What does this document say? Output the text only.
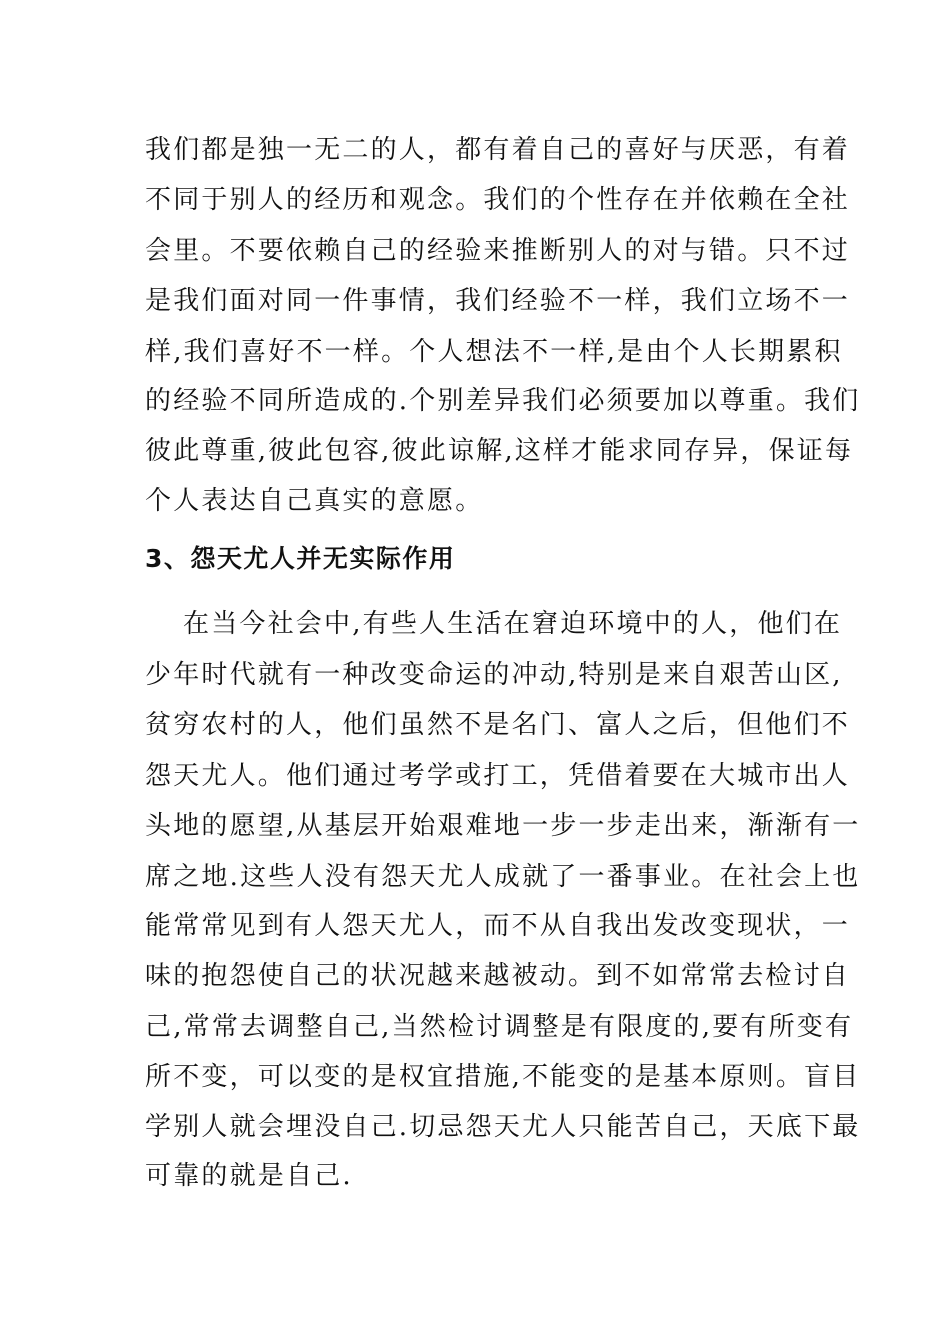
我们都是独一无二的人，都有着自己的喜好与厌恶，有着
不同于别人的经历和观念。我们的个性存在并依赖在全社
会里。不要依赖自己的经验来推断别人的对与错。只不过
是我们面对同一件事情，我们经验不一样，我们立场不一
样,我们喜好不一样。个人想法不一样,是由个人长期累积
的经验不同所造成的.个别差异我们必须要加以尊重。我们
彼此尊重,彼此包容,彼此谅解,这样才能求同存异，保证每
个人表达自己真实的意愿。
3、怨天尤人并无实际作用
在当今社会中,有些人生活在窘迫环境中的人，他们在
少年时代就有一种改变命运的冲动,特别是来自艰苦山区,
贫穷农村的人，他们虽然不是名门、富人之后，但他们不
怨天尤人。他们通过考学或打工，凭借着要在大城市出人
头地的愿望,从基层开始艰难地一步一步走出来，渐渐有一
席之地.这些人没有怨天尤人成就了一番事业。在社会上也
能常常见到有人怨天尤人，而不从自我出发改变现状，一
味的抱怨使自己的状况越来越被动。到不如常常去检讨自
己,常常去调整自己,当然检讨调整是有限度的,要有所变有
所不变，可以变的是权宜措施,不能变的是基本原则。盲目
学别人就会埋没自己.切忌怨天尤人只能苦自己，天底下最
可靠的就是自己.
